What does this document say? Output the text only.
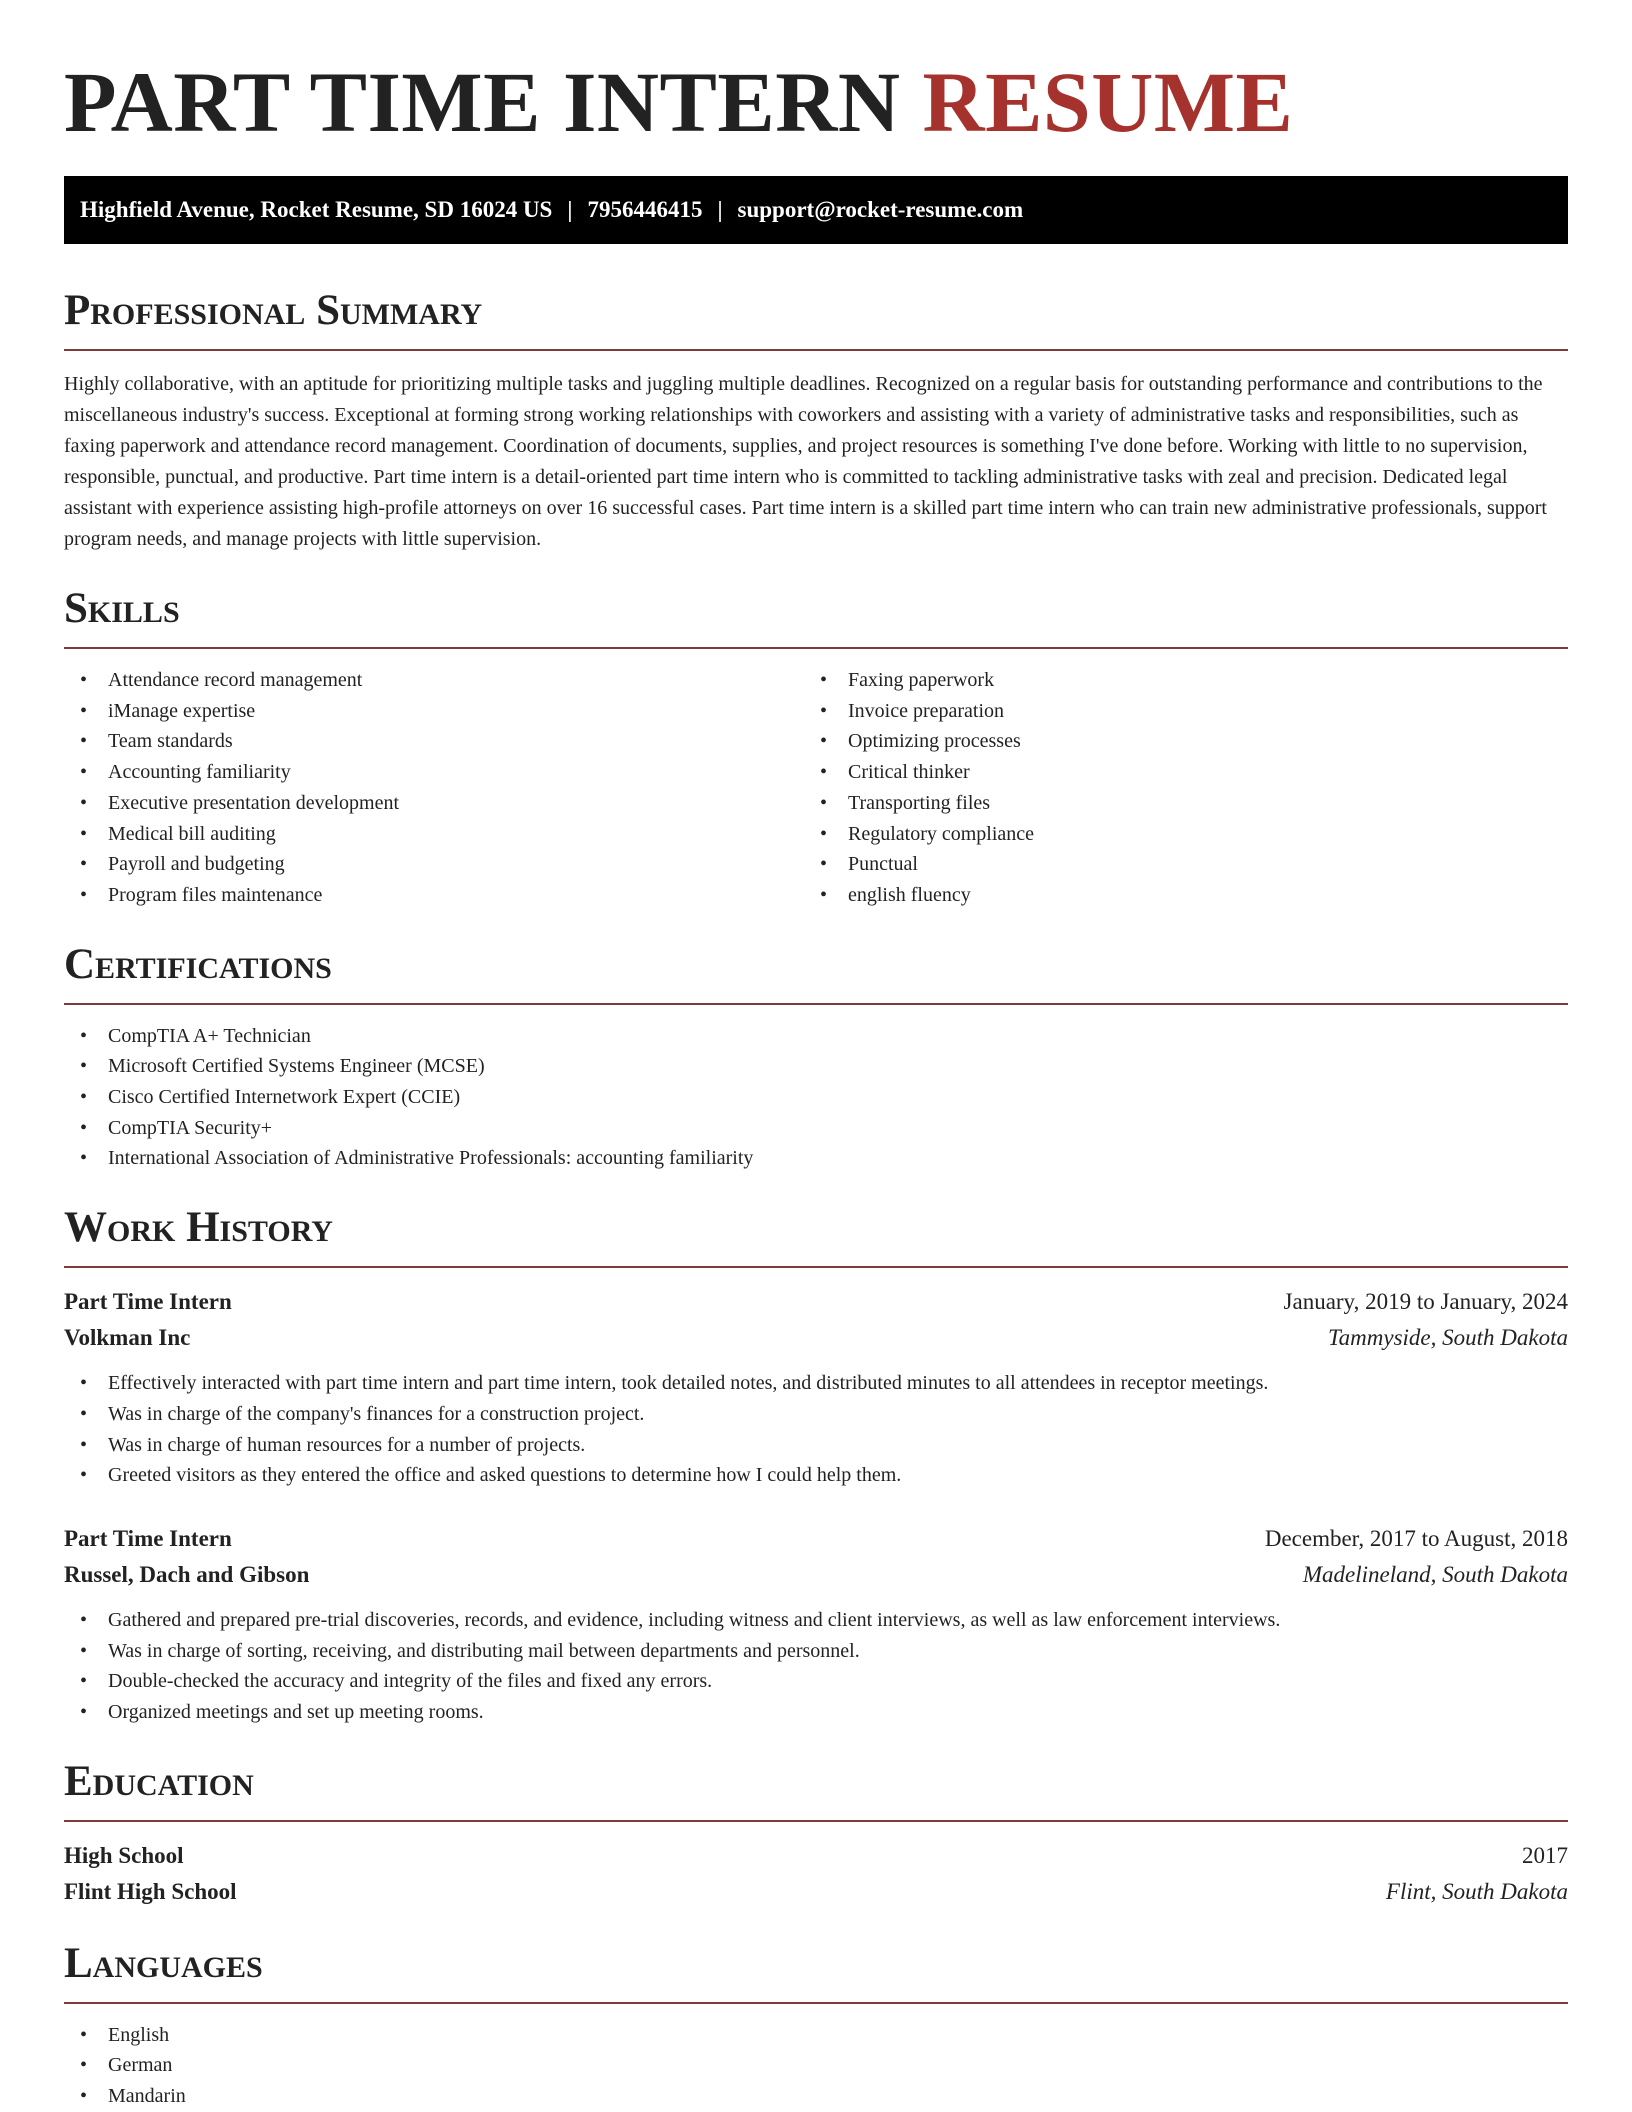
PART TIME INTERN RESUME
Highfield Avenue, Rocket Resume, SD 16024 US | 7956446415 | support@rocket-resume.com
Professional Summary

Highly collaborative, with an aptitude for prioritizing multiple tasks and juggling multiple deadlines. Recognized on a regular basis for outstanding performance and contributions to the miscellaneous industry's success. Exceptional at forming strong working relationships with coworkers and assisting with a variety of administrative tasks and responsibilities, such as faxing paperwork and attendance record management. Coordination of documents, supplies, and project resources is something I've done before. Working with little to no supervision, responsible, punctual, and productive. Part time intern is a detail-oriented part time intern who is committed to tackling administrative tasks with zeal and precision. Dedicated legal assistant with experience assisting high-profile attorneys on over 16 successful cases. Part time intern is a skilled part time intern who can train new administrative professionals, support program needs, and manage projects with little supervision.

Skills
• Attendance record management
• iManage expertise
• Team standards
• Accounting familiarity
• Executive presentation development
• Medical bill auditing
• Payroll and budgeting
• Program files maintenance
• Faxing paperwork
• Invoice preparation
• Optimizing processes
• Critical thinker
• Transporting files
• Regulatory compliance
• Punctual
• english fluency
Certifications
• CompTIA A+ Technician
• Microsoft Certified Systems Engineer (MCSE)
• Cisco Certified Internetwork Expert (CCIE)
• CompTIA Security+
• International Association of Administrative Professionals: accounting familiarity
Work History
Part Time Intern	January, 2019 to January, 2024
Volkman Inc	Tammyside, South Dakota
• Effectively interacted with part time intern and part time intern, took detailed notes, and distributed minutes to all attendees in receptor meetings.
• Was in charge of the company's finances for a construction project.
• Was in charge of human resources for a number of projects.
• Greeted visitors as they entered the office and asked questions to determine how I could help them.
Part Time Intern	December, 2017 to August, 2018
Russel, Dach and Gibson	Madelineland, South Dakota
• Gathered and prepared pre-trial discoveries, records, and evidence, including witness and client interviews, as well as law enforcement interviews.
• Was in charge of sorting, receiving, and distributing mail between departments and personnel.
• Double-checked the accuracy and integrity of the files and fixed any errors.
• Organized meetings and set up meeting rooms.
Education
High School	2017
Flint High School	Flint, South Dakota
Languages
• English
• German
• Mandarin
